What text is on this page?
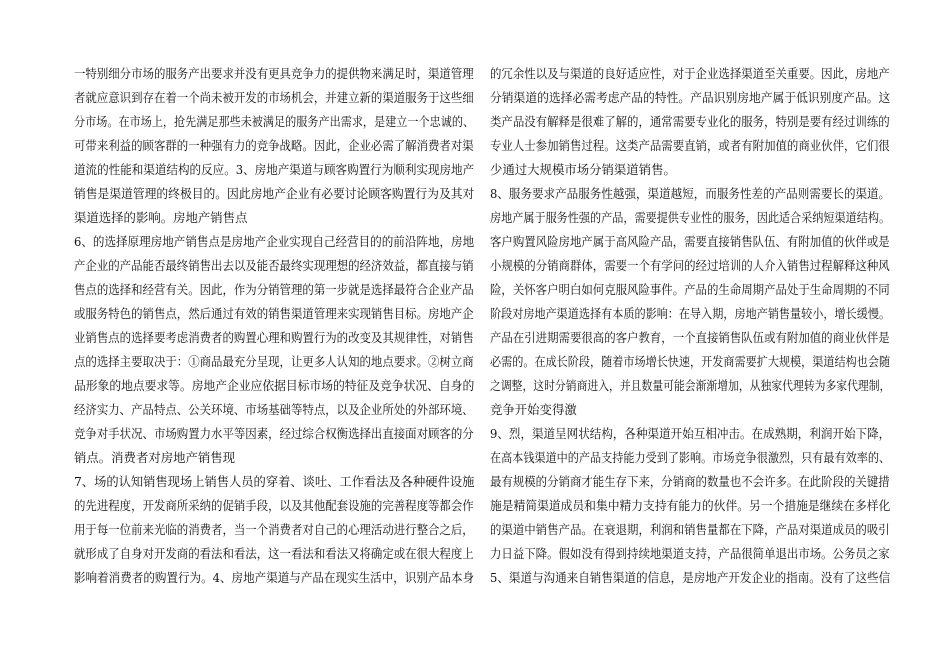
一特别细分市场的服务产出要求并没有更具竞争力的提供物来满足时，渠道管理
者就应意识到存在着一个尚未被开发的市场机会，并建立新的渠道服务于这些细
分市场。在市场上，抢先满足那些未被满足的服务产出需求，是建立一个忠诚的、
可带来利益的顾客群的一种强有力的竞争战略。因此，企业必需了解消费者对渠
道流的性能和渠道结构的反应。3、房地产渠道与顾客购置行为顺利实现房地产
销售是渠道管理的终极目的。因此房地产企业有必要讨论顾客购置行为及其对
渠道选择的影响。房地产销售点
6、的选择原理房地产销售点是房地产企业实现自己经营目的的前沿阵地，房地
产企业的产品能否最终销售出去以及能否最终实现理想的经济效益，都直接与销
售点的选择和经营有关。因此，作为分销管理的第一步就是选择最符合企业产品
或服务特色的销售点，然后通过有效的销售渠道管理来实现销售目标。房地产企
业销售点的选择要考虑消费者的购置心理和购置行为的改变及其规律性，对销售
点的选择主要取决于：①商品最充分呈现，让更多人认知的地点要求。②树立商
品形象的地点要求等。房地产企业应依据目标市场的特征及竞争状况、自身的
经济实力、产品特点、公关环境、市场基础等特点，以及企业所处的外部环境、
竞争对手状况、市场购置力水平等因素，经过综合权衡选择出直接面对顾客的分
销点。消费者对房地产销售现
7、场的认知销售现场上销售人员的穿着、谈吐、工作看法及各种硬件设施
的先进程度，开发商所采纳的促销手段，以及其他配套设施的完善程度等都会作
用于每一位前来光临的消费者，当一个消费者对自己的心理活动进行整合之后，
就形成了自身对开发商的看法和看法，这一看法和看法又将确定或在很大程度上
影响着消费者的购置行为。4、房地产渠道与产品在现实生活中，识别产品本身
的冗余性以及与渠道的良好适应性，对于企业选择渠道至关重要。因此，房地产
分销渠道的选择必需考虑产品的特性。产品识别房地产属于低识别度产品。这
类产品没有解释是很难了解的，通常需要专业化的服务，特别是要有经过训练的
专业人士参加销售过程。这类产品需要直销，或者有附加值的商业伙伴，它们很
少通过大规模市场分销渠道销售。
8、服务要求产品服务性越强，渠道越短，而服务性差的产品则需要长的渠道。
房地产属于服务性强的产品，需要提供专业性的服务，因此适合采纳短渠道结构。
客户购置风险房地产属于高风险产品，需要直接销售队伍、有附加值的伙伴或是
小规模的分销商群体，需要一个有学问的经过培训的人介入销售过程解释这种风
险，关怀客户明白如何克服风险事件。产品的生命周期产品处于生命周期的不同
阶段对房地产渠道选择有本质的影响：在导入期，房地产销售量较小，增长缓慢。
产品在引进期需要很高的客户教育，一个直接销售队伍或有附加值的商业伙伴是
必需的。在成长阶段，随着市场增长快速，开发商需要扩大规模，渠道结构也会随
之调整，这时分销商进入，并且数量可能会渐渐增加，从独家代理转为多家代理制，
竞争开始变得激
9、烈，渠道呈网状结构，各种渠道开始互相冲击。在成熟期，利润开始下降，
在高本钱渠道中的产品支持能力受到了影响。市场竞争很激烈，只有最有效率的、
最有规模的分销商才能生存下来，分销商的数量也不会许多。在此阶段的关键措
施是精简渠道成员和集中精力支持有能力的伙伴。另一个措施是继续在多样化
的渠道中销售产品。在衰退期，利润和销售量都在下降，产品对渠道成员的吸引
力日益下降。假如没有得到持续地渠道支持，产品很简单退出市场。公务员之家
5、渠道与沟通来自销售渠道的信息，是房地产开发企业的指南。没有了这些信
